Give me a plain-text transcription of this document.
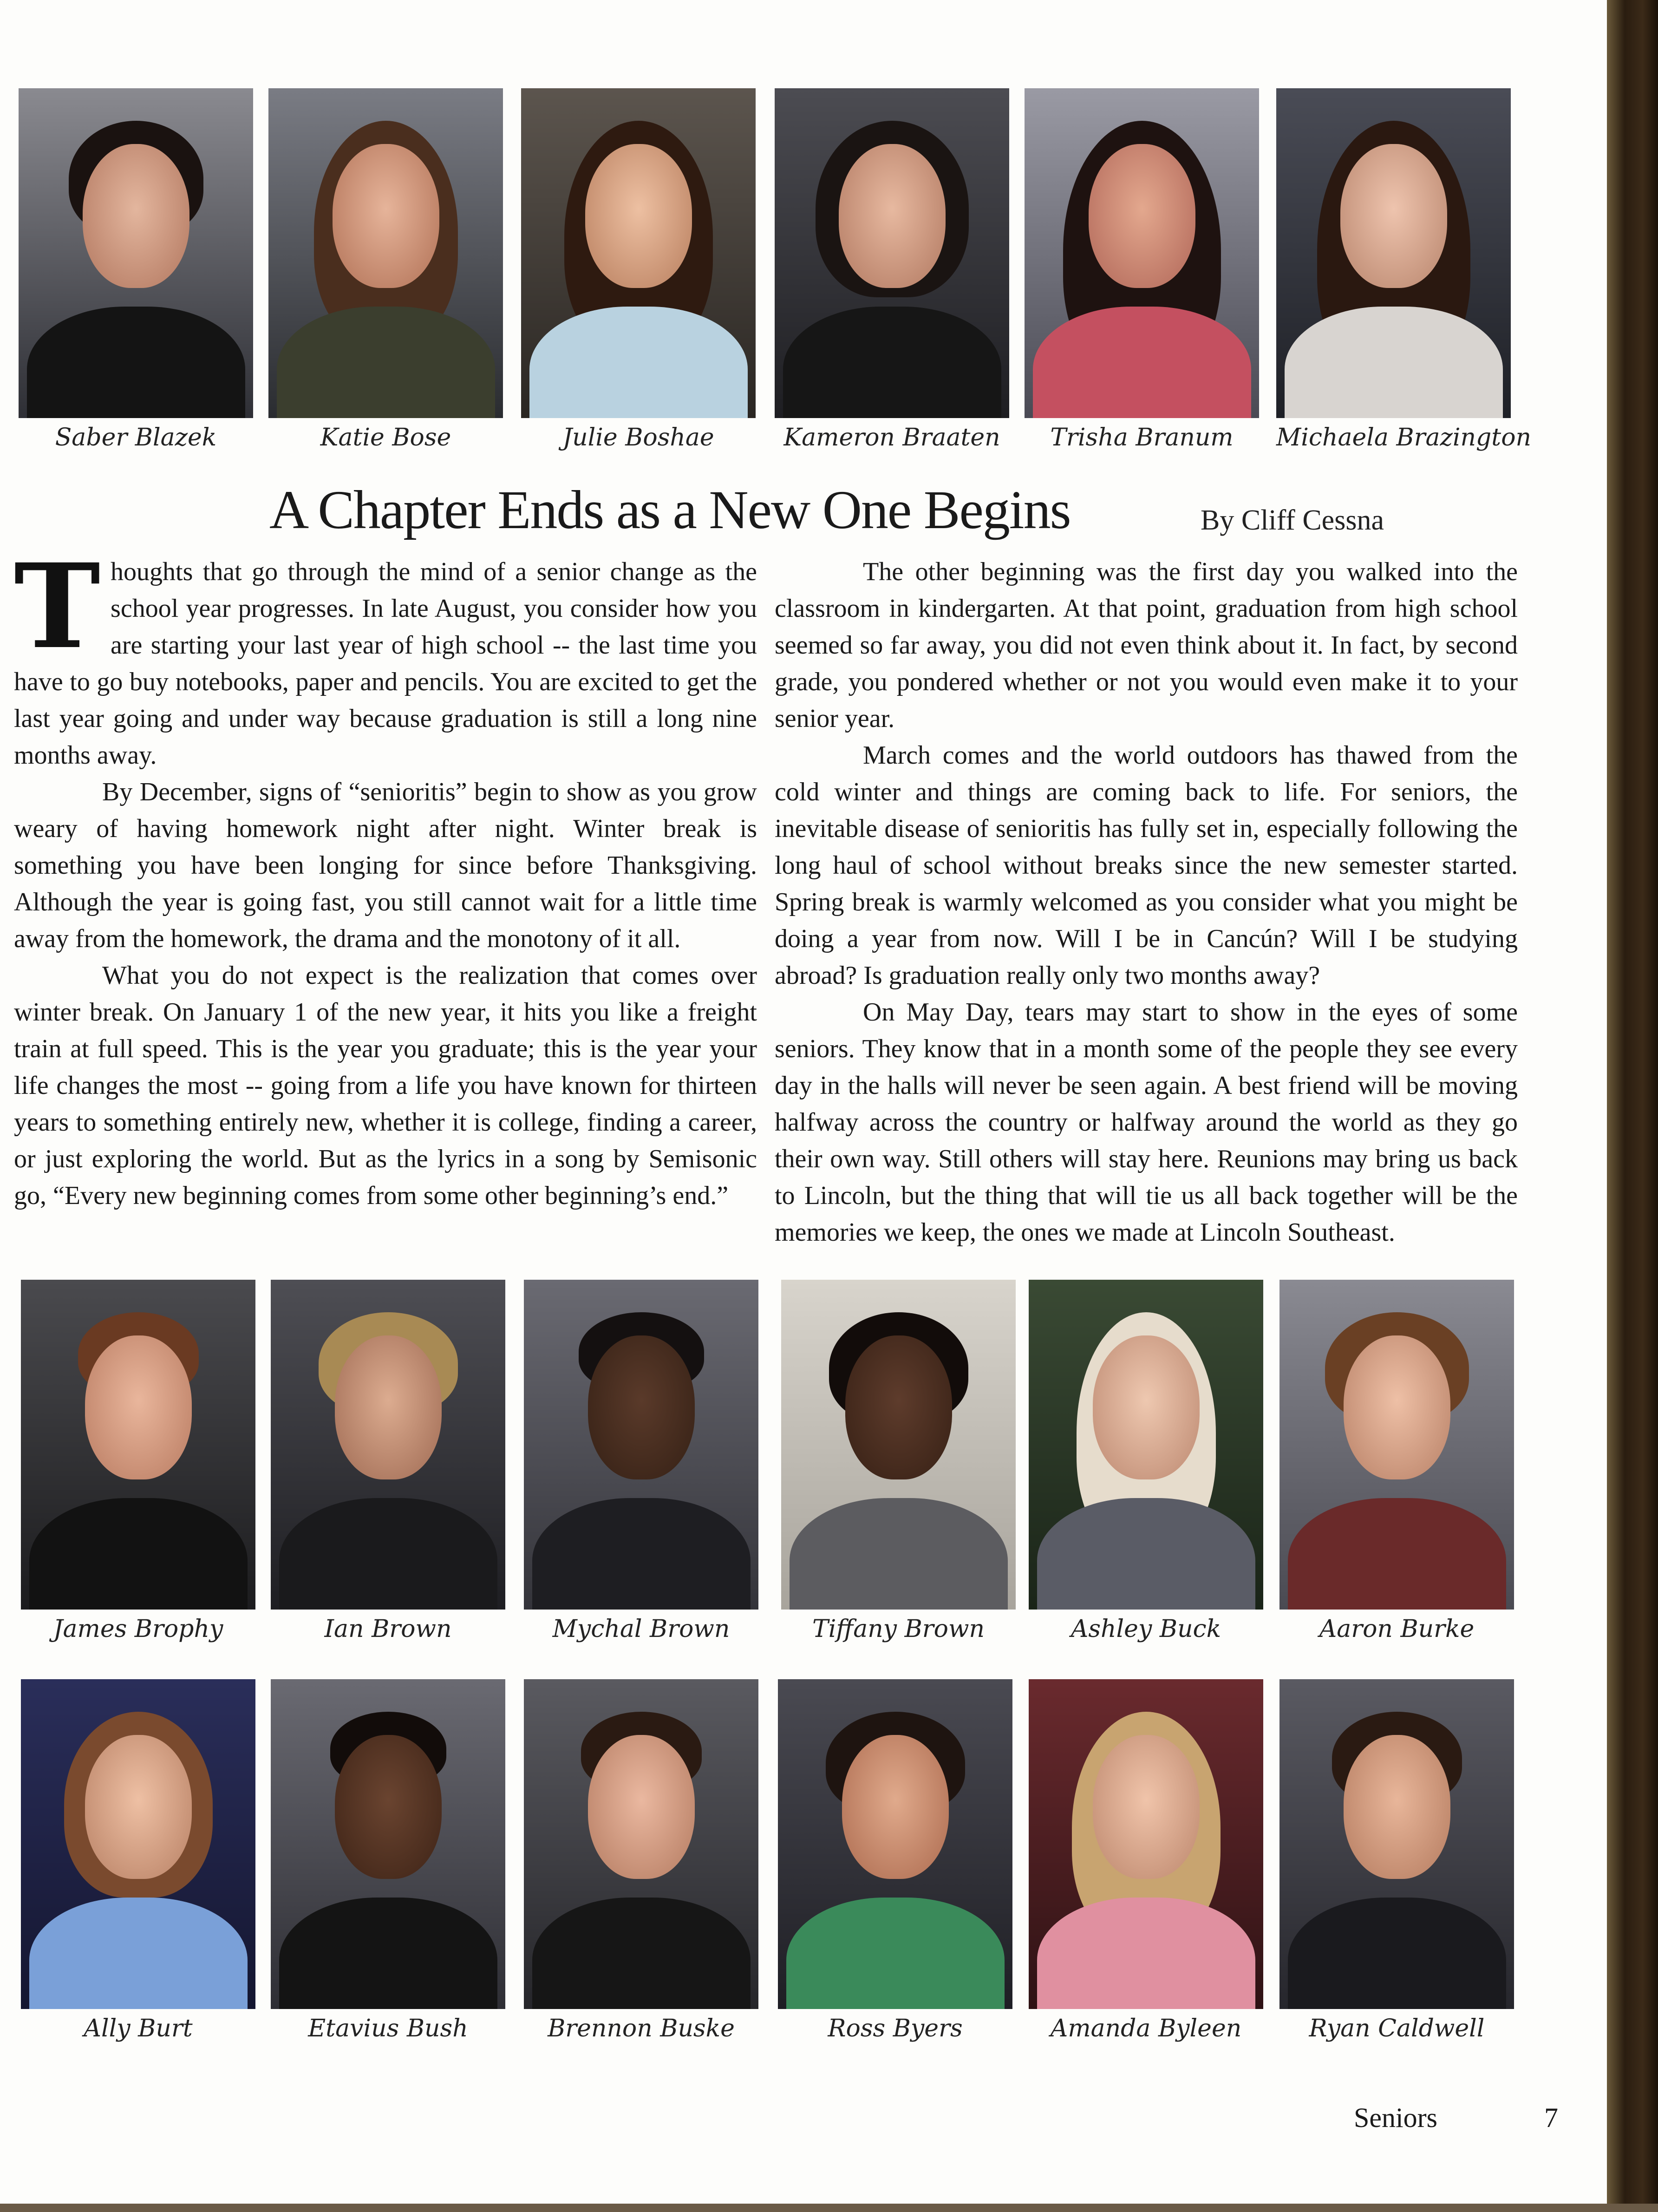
Saber Blazek	Katie Bose	Julie Boshae	Kameron Braaten	Trisha Branum	Michaela Brazington
A Chapter Ends as a New One Begins	By Cliff Cessna

Thoughts that go through the mind of a senior change as the school year progresses. In late August, you consider how you are starting your last year of high school -- the last time you have to go buy notebooks, paper and pencils. You are excited to get the last year going and under way because graduation is still a long nine months away.

By December, signs of “senioritis” begin to show as you grow weary of having homework night after night. Winter break is something you have been longing for since before Thanksgiving. Although the year is going fast, you still cannot wait for a little time away from the homework, the drama and the monotony of it all.

What you do not expect is the realization that comes over winter break. On January 1 of the new year, it hits you like a freight train at full speed. This is the year you graduate; this is the year your life changes the most -- going from a life you have known for thirteen years to something entirely new, whether it is college, finding a career, or just exploring the world. But as the lyrics in a song by Semisonic go, “Every new beginning comes from some other beginning’s end.”

The other beginning was the first day you walked into the classroom in kindergarten. At that point, graduation from high school seemed so far away, you did not even think about it. In fact, by second grade, you pondered whether or not you would even make it to your senior year.

March comes and the world outdoors has thawed from the cold winter and things are coming back to life. For seniors, the inevitable disease of senioritis has fully set in, especially following the long haul of school without breaks since the new semester started. Spring break is warmly welcomed as you consider what you might be doing a year from now. Will I be in Cancún? Will I be studying abroad? Is graduation really only two months away?

On May Day, tears may start to show in the eyes of some seniors. They know that in a month some of the people they see every day in the halls will never be seen again. A best friend will be moving halfway across the country or halfway around the world as they go their own way. Still others will stay here. Reunions may bring us back to Lincoln, but the thing that will tie us all back together will be the memories we keep, the ones we made at Lincoln Southeast.

James Brophy	Ian Brown	Mychal Brown	Tiffany Brown	Ashley Buck	Aaron Burke
Ally Burt	Etavius Bush	Brennon Buske	Ross Byers	Amanda Byleen	Ryan Caldwell
Seniors	7
